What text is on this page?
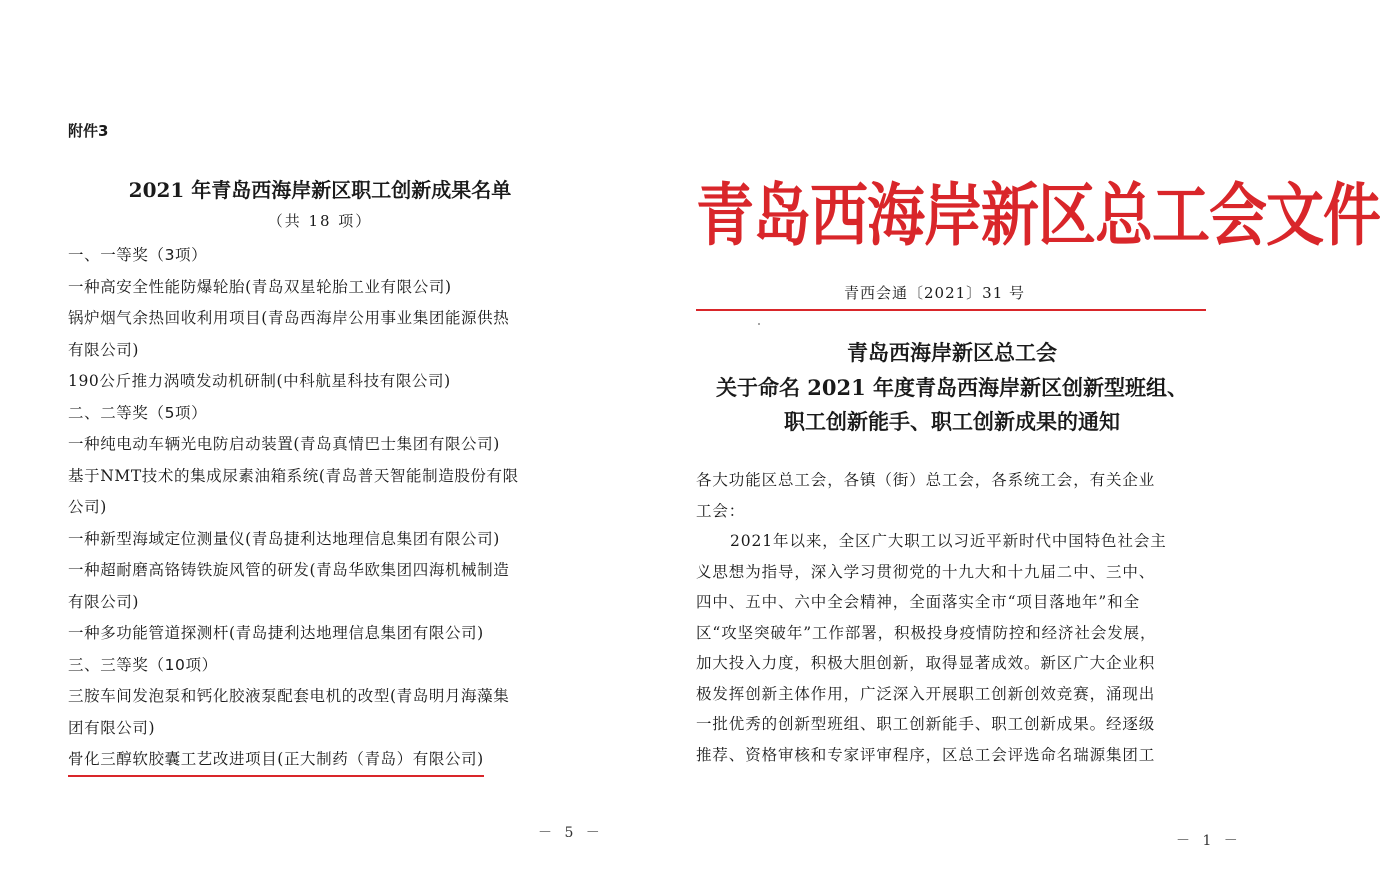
附件3
2021 年青岛西海岸新区职工创新成果名单
（共 18 项）
一、一等奖（3项）
一种高安全性能防爆轮胎(青岛双星轮胎工业有限公司)
锅炉烟气余热回收利用项目(青岛西海岸公用事业集团能源供热
有限公司)
190公斤推力涡喷发动机研制(中科航星科技有限公司)
二、二等奖（5项）
一种纯电动车辆光电防启动装置(青岛真情巴士集团有限公司)
基于NMT技术的集成尿素油箱系统(青岛普天智能制造股份有限
公司)
一种新型海域定位测量仪(青岛捷利达地理信息集团有限公司)
一种超耐磨高铬铸铁旋风管的研发(青岛华欧集团四海机械制造
有限公司)
一种多功能管道探测杆(青岛捷利达地理信息集团有限公司)
三、三等奖（10项）
三胺车间发泡泵和钙化胶液泵配套电机的改型(青岛明月海藻集
团有限公司)
骨化三醇软胶囊工艺改进项目(正大制药（青岛）有限公司)
－ 5 －
青岛西海岸新区总工会文件
青西会通〔2021〕31 号
青岛西海岸新区总工会
关于命名 2021 年度青岛西海岸新区创新型班组、
职工创新能手、职工创新成果的通知
各大功能区总工会，各镇（街）总工会，各系统工会，有关企业
工会：
2021年以来，全区广大职工以习近平新时代中国特色社会主
义思想为指导，深入学习贯彻党的十九大和十九届二中、三中、
四中、五中、六中全会精神，全面落实全市“项目落地年”和全
区“攻坚突破年”工作部署，积极投身疫情防控和经济社会发展，
加大投入力度，积极大胆创新，取得显著成效。新区广大企业积
极发挥创新主体作用，广泛深入开展职工创新创效竞赛，涌现出
一批优秀的创新型班组、职工创新能手、职工创新成果。经逐级
推荐、资格审核和专家评审程序，区总工会评选命名瑞源集团工
－ 1 －
